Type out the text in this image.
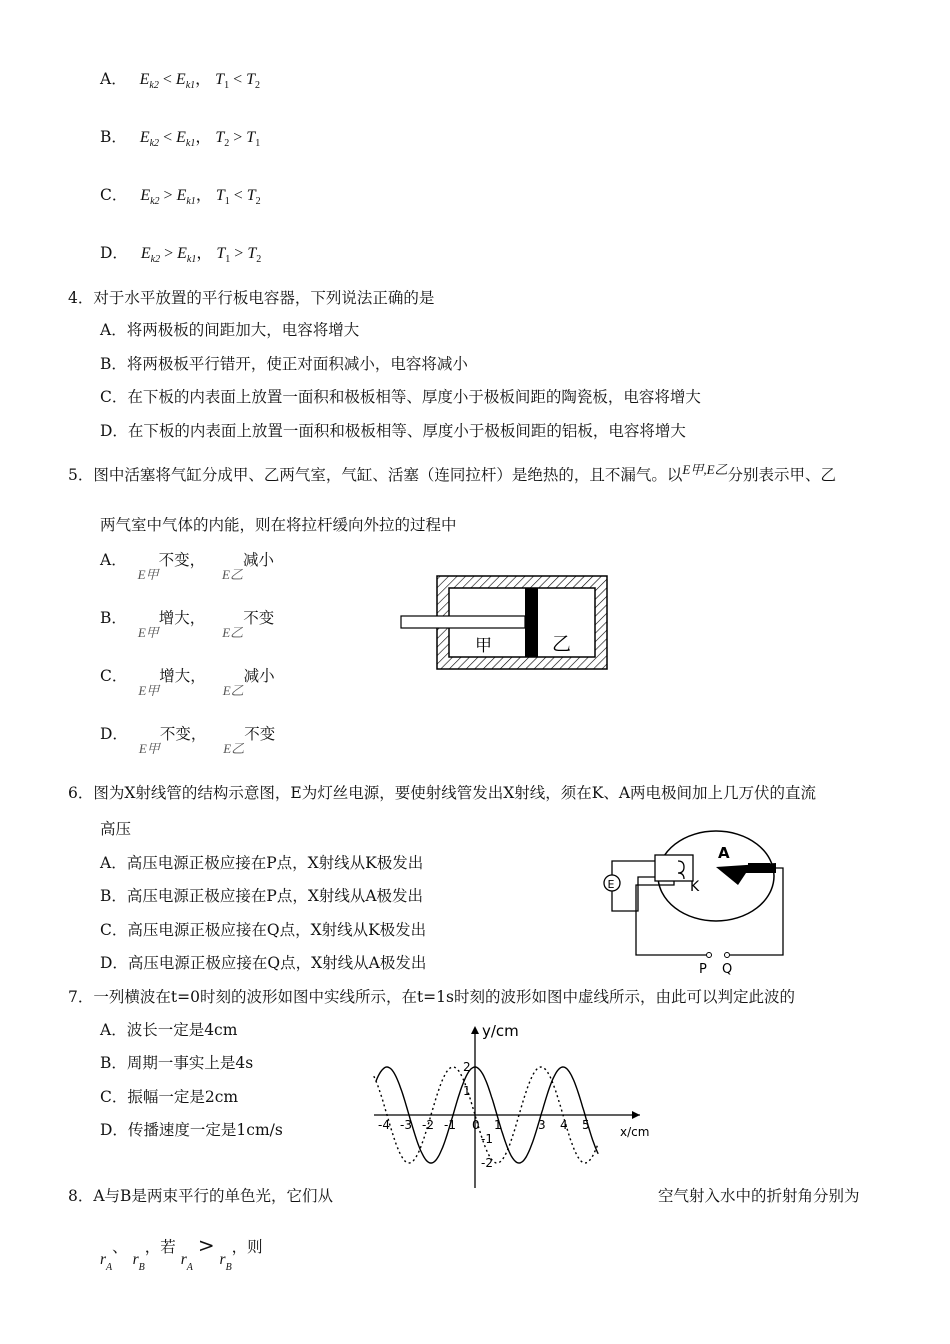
A． $E_{k2} < E_{k1}$， $T_1 < T_2$
B． $E_{k2} < E_{k1}$， $T_2 > T_1$
C． $E_{k2} > E_{k1}$， $T_1 < T_2$
D． $E_{k2} > E_{k1}$， $T_1 > T_2$
4．对于水平放置的平行板电容器，下列说法正确的是
A．将两极板的间距加大，电容将增大
B．将两极板平行错开，使正对面积减小，电容将减小
C．在下板的内表面上放置一面积和极板相等、厚度小于极板间距的陶瓷板，电容将增大
D．在下板的内表面上放置一面积和极板相等、厚度小于极板间距的铝板，电容将增大
5．图中活塞将气缸分成甲、乙两气室，气缸、活塞（连同拉杆）是绝热的，且不漏气。以$^{E甲,E乙}$分别表示甲、乙
两气室中气体的内能，则在将拉杆缓向外拉的过程中
A． $_{E甲}$不变， $_{E乙}$减小
B． $_{E甲}$增大， $_{E乙}$不变
C． $_{E甲}$增大， $_{E乙}$减小
D． $_{E甲}$不变， $_{E乙}$不变
甲	乙
6．图为X射线管的结构示意图，E为灯丝电源，要使射线管发出X射线，须在K、A两电极间加上几万伏的直流
高压
A．高压电源正极应接在P点，X射线从K极发出
B．高压电源正极应接在P点，X射线从A极发出
C．高压电源正极应接在Q点，X射线从K极发出
D．高压电源正极应接在Q点，X射线从A极发出
A
K
E
P Q
7．一列横波在t=0时刻的波形如图中实线所示，在t=1s时刻的波形如图中虚线所示，由此可以判定此波的
A．波长一定是4cm
B．周期一事实上是4s
C．振幅一定是2cm
D．传播速度一定是1cm/s
y/cm
x/cm
-4 -3 -2 -1 0 1	3 4 5
2
1
-1
-2
8．A与B是两束平行的单色光，它们从	空气射入水中的折射角分别为
$r_A$、 $r_B$，若 $r_A > r_B$，则
